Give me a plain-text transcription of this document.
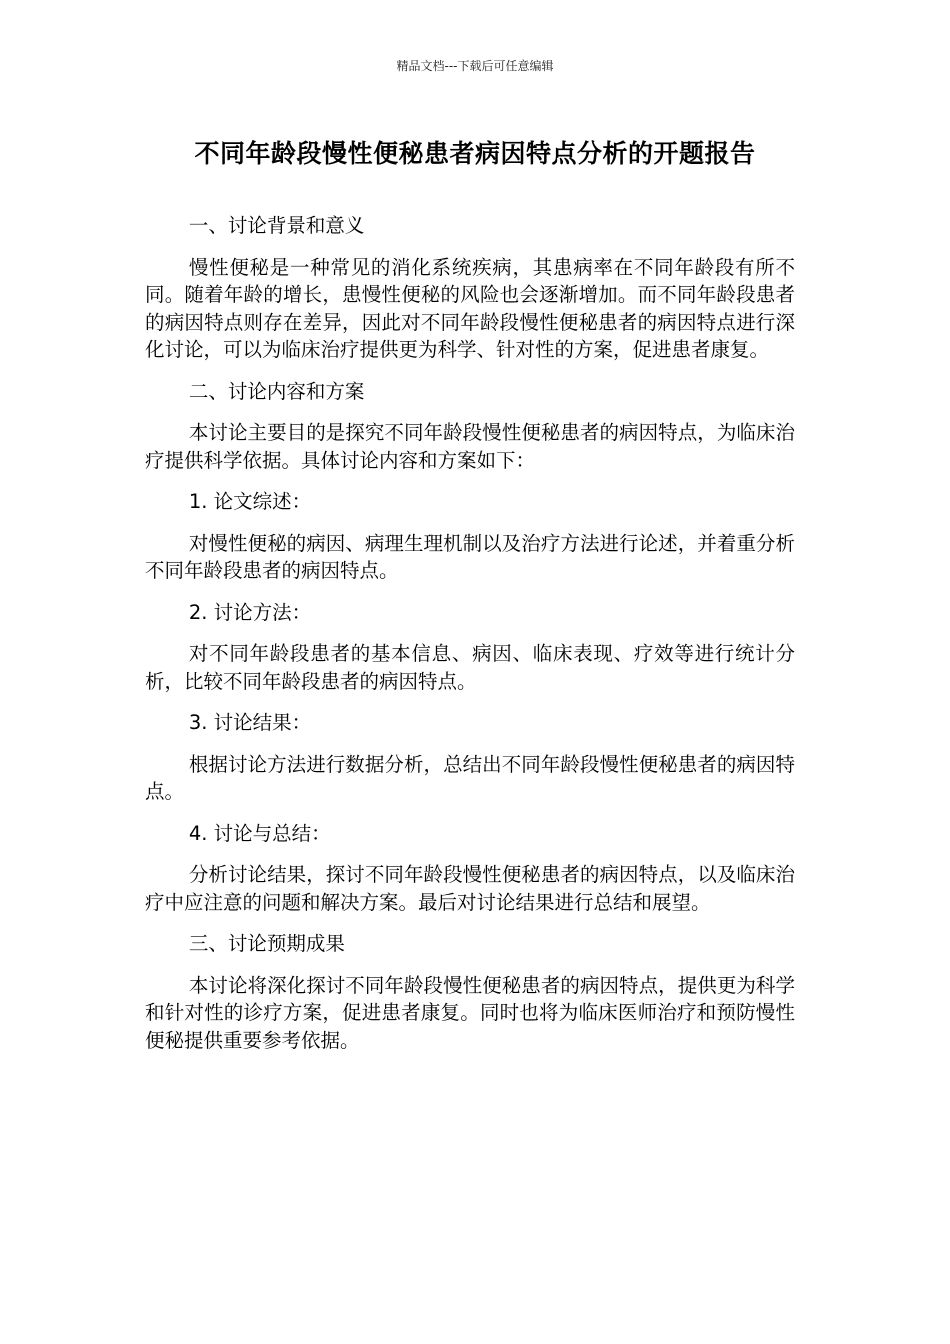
精品文档---下载后可任意编辑
不同年龄段慢性便秘患者病因特点分析的开题报告

一、讨论背景和意义

慢性便秘是一种常见的消化系统疾病，其患病率在不同年龄段有所不同。随着年龄的增长，患慢性便秘的风险也会逐渐增加。而不同年龄段患者的病因特点则存在差异，因此对不同年龄段慢性便秘患者的病因特点进行深化讨论，可以为临床治疗提供更为科学、针对性的方案，促进患者康复。

二、讨论内容和方案

本讨论主要目的是探究不同年龄段慢性便秘患者的病因特点，为临床治疗提供科学依据。具体讨论内容和方案如下：

1. 论文综述：

对慢性便秘的病因、病理生理机制以及治疗方法进行论述，并着重分析不同年龄段患者的病因特点。

2. 讨论方法：

对不同年龄段患者的基本信息、病因、临床表现、疗效等进行统计分析，比较不同年龄段患者的病因特点。

3. 讨论结果：

根据讨论方法进行数据分析，总结出不同年龄段慢性便秘患者的病因特点。

4. 讨论与总结：

分析讨论结果，探讨不同年龄段慢性便秘患者的病因特点，以及临床治疗中应注意的问题和解决方案。最后对讨论结果进行总结和展望。

三、讨论预期成果

本讨论将深化探讨不同年龄段慢性便秘患者的病因特点，提供更为科学和针对性的诊疗方案，促进患者康复。同时也将为临床医师治疗和预防慢性便秘提供重要参考依据。
